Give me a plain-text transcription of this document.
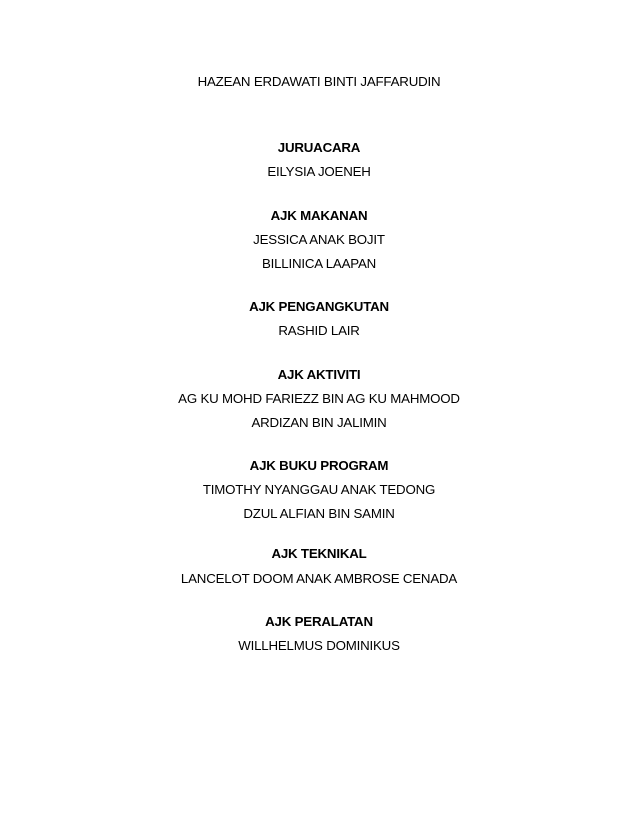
HAZEAN ERDAWATI BINTI JAFFARUDIN
JURUACARA
EILYSIA JOENEH
AJK MAKANAN
JESSICA ANAK BOJIT
BILLINICA LAAPAN
AJK PENGANGKUTAN
RASHID LAIR
AJK AKTIVITI
AG KU MOHD FARIEZZ BIN AG KU MAHMOOD
ARDIZAN BIN JALIMIN
AJK BUKU PROGRAM
TIMOTHY NYANGGAU ANAK TEDONG
DZUL ALFIAN BIN SAMIN
AJK TEKNIKAL
LANCELOT DOOM ANAK AMBROSE CENADA
AJK PERALATAN
WILLHELMUS DOMINIKUS
